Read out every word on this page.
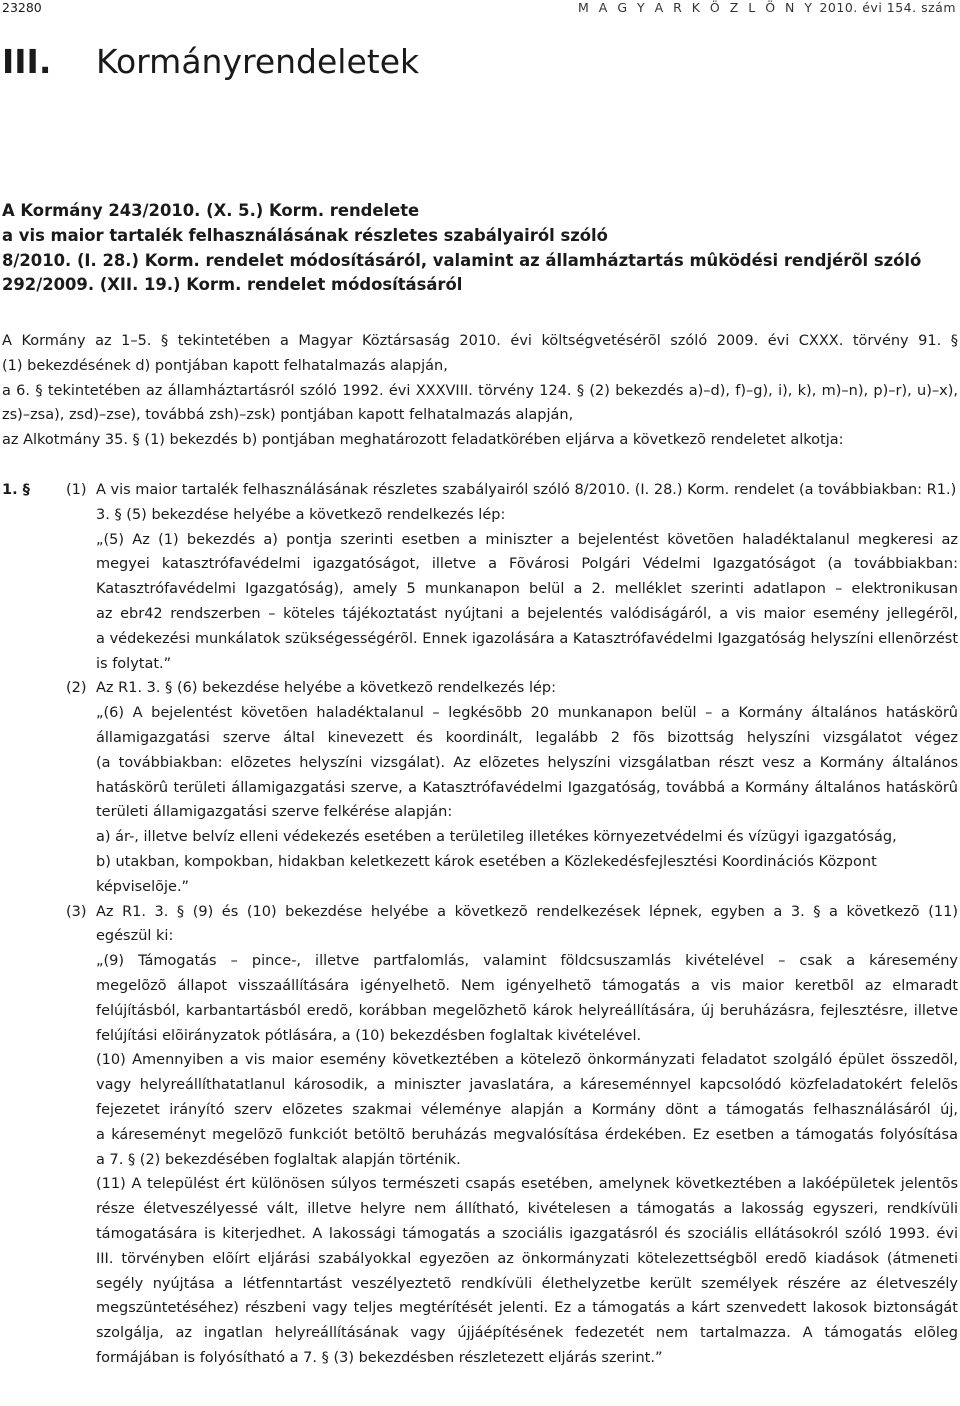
23280	M A G Y A R K Ö Z L Ö N Y 2010. évi 154. szám
III. Kormányrendeletek
A Kormány 243/2010. (X. 5.) Korm. rendelete
a vis maior tartalék felhasználásának részletes szabályairól szóló
8/2010. (I. 28.) Korm. rendelet módosításáról, valamint az államháztartás mûködési rendjérõl szóló
292/2009. (XII. 19.) Korm. rendelet módosításáról
A Kormány az 1–5. § tekintetében a Magyar Köztársaság 2010. évi költségvetésérõl szóló 2009. évi CXXX. törvény 91. §
(1) bekezdésének d) pontjában kapott felhatalmazás alapján,
a 6. § tekintetében az államháztartásról szóló 1992. évi XXXVIII. törvény 124. § (2) bekezdés a)–d), f)–g), i), k), m)–n), p)–r), u)–x),
zs)–zsa), zsd)–zse), továbbá zsh)–zsk) pontjában kapott felhatalmazás alapján,
az Alkotmány 35. § (1) bekezdés b) pontjában meghatározott feladatkörében eljárva a következõ rendeletet alkotja:
1. § (1) A vis maior tartalék felhasználásának részletes szabályairól szóló 8/2010. (I. 28.) Korm. rendelet (a továbbiakban: R1.)
3. § (5) bekezdése helyébe a következõ rendelkezés lép:
„(5) Az (1) bekezdés a) pontja szerinti esetben a miniszter a bejelentést követõen haladéktalanul megkeresi az
megyei katasztrófavédelmi igazgatóságot, illetve a Fõvárosi Polgári Védelmi Igazgatóságot (a továbbiakban:
Katasztrófavédelmi Igazgatóság), amely 5 munkanapon belül a 2. melléklet szerinti adatlapon – elektronikusan
az ebr42 rendszerben – köteles tájékoztatást nyújtani a bejelentés valódiságáról, a vis maior esemény jellegérõl,
a védekezési munkálatok szükségességérõl. Ennek igazolására a Katasztrófavédelmi Igazgatóság helyszíni ellenõrzést
is folytat.”
(2) Az R1. 3. § (6) bekezdése helyébe a következõ rendelkezés lép:
„(6) A bejelentést követõen haladéktalanul – legkésõbb 20 munkanapon belül – a Kormány általános hatáskörû
államigazgatási szerve által kinevezett és koordinált, legalább 2 fõs bizottság helyszíni vizsgálatot végez
(a továbbiakban: elõzetes helyszíni vizsgálat). Az elõzetes helyszíni vizsgálatban részt vesz a Kormány általános
hatáskörû területi államigazgatási szerve, a Katasztrófavédelmi Igazgatóság, továbbá a Kormány általános hatáskörû
területi államigazgatási szerve felkérése alapján:
a) ár-, illetve belvíz elleni védekezés esetében a területileg illetékes környezetvédelmi és vízügyi igazgatóság,
b) utakban, kompokban, hidakban keletkezett károk esetében a Közlekedésfejlesztési Koordinációs Központ
képviselõje.”
(3) Az R1. 3. § (9) és (10) bekezdése helyébe a következõ rendelkezések lépnek, egyben a 3. § a következõ (11)
egészül ki:
„(9) Támogatás – pince-, illetve partfalomlás, valamint földcsuszamlás kivételével – csak a káresemény
megelõzõ állapot visszaállítására igényelhetõ. Nem igényelhetõ támogatás a vis maior keretbõl az elmaradt
felújításból, karbantartásból eredõ, korábban megelõzhetõ károk helyreállítására, új beruházásra, fejlesztésre, illetve
felújítási elõirányzatok pótlására, a (10) bekezdésben foglaltak kivételével.
(10) Amennyiben a vis maior esemény következtében a kötelezõ önkormányzati feladatot szolgáló épület összedõl,
vagy helyreállíthatatlanul károsodik, a miniszter javaslatára, a káreseménnyel kapcsolódó közfeladatokért felelõs
fejezetet irányító szerv elõzetes szakmai véleménye alapján a Kormány dönt a támogatás felhasználásáról új,
a káreseményt megelõzõ funkciót betöltõ beruházás megvalósítása érdekében. Ez esetben a támogatás folyósítása
a 7. § (2) bekezdésében foglaltak alapján történik.
(11) A települést ért különösen súlyos természeti csapás esetében, amelynek következtében a lakóépületek jelentõs
része életveszélyessé vált, illetve helyre nem állítható, kivételesen a támogatás a lakosság egyszeri, rendkívüli
támogatására is kiterjedhet. A lakossági támogatás a szociális igazgatásról és szociális ellátásokról szóló 1993. évi
III. törvényben elõírt eljárási szabályokkal egyezõen az önkormányzati kötelezettségbõl eredõ kiadások (átmeneti
segély nyújtása a létfenntartást veszélyeztetõ rendkívüli élethelyzetbe került személyek részére az életveszély
megszüntetéséhez) részbeni vagy teljes megtérítését jelenti. Ez a támogatás a kárt szenvedett lakosok biztonságát
szolgálja, az ingatlan helyreállításának vagy újjáépítésének fedezetét nem tartalmazza. A támogatás elõleg
formájában is folyósítható a 7. § (3) bekezdésben részletezett eljárás szerint.”
